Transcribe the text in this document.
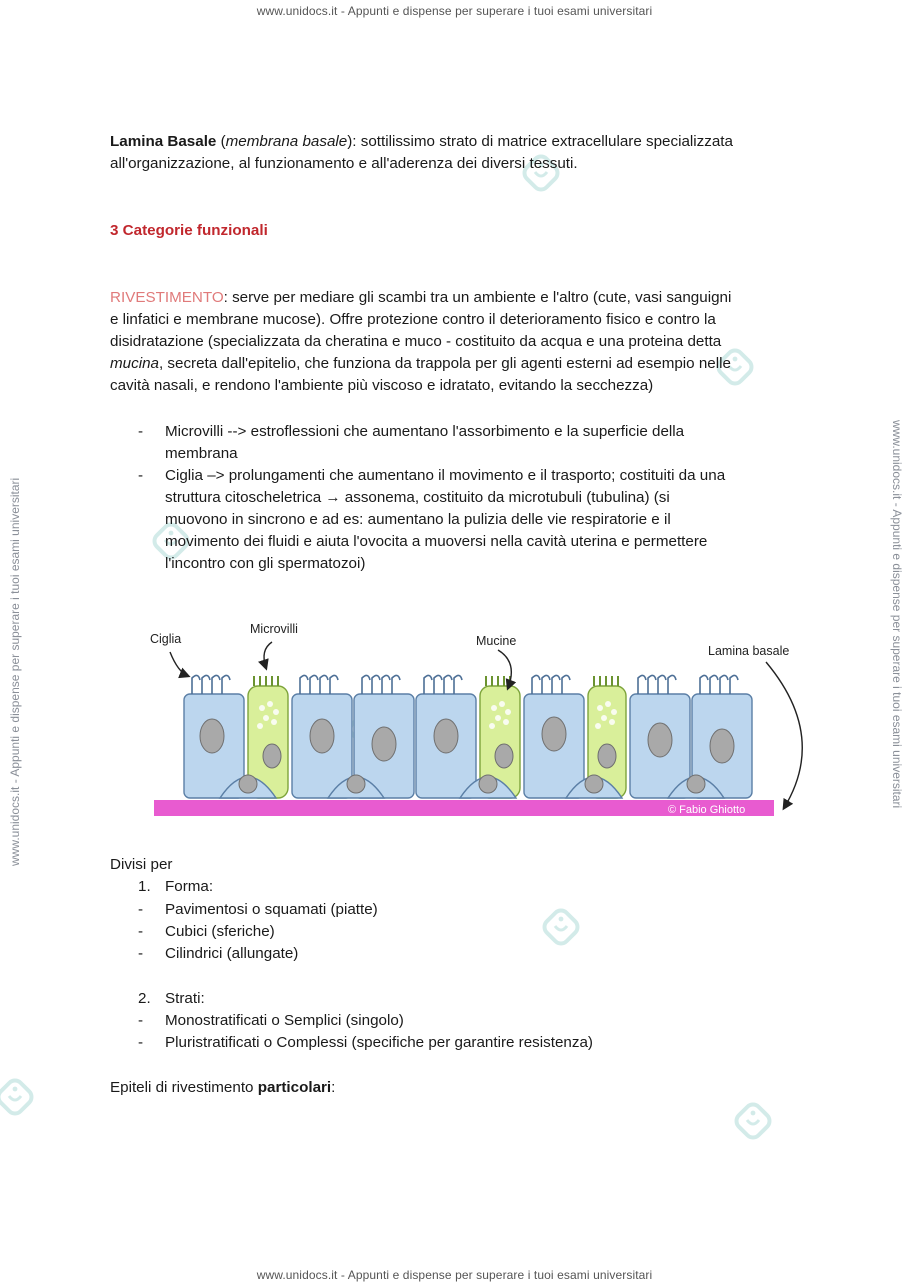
www.unidocs.it - Appunti e dispense per superare i tuoi esami universitari
www.unidocs.it - Appunti e dispense per superare i tuoi esami universitari
www.unidocs.it - Appunti e dispense per superare i tuoi esami universitari	www.unidocs.it - Appunti e dispense per superare i tuoi esami universitari

Lamina Basale (membrana basale): sottilissimo strato di matrice extracellulare specializzata

all'organizzazione, al funzionamento e all'aderenza dei diversi tessuti.

3 Categorie funzionali

RIVESTIMENTO: serve per mediare gli scambi tra un ambiente e l'altro (cute, vasi sanguigni

e linfatici e membrane mucose). Offre protezione contro il deterioramento fisico e contro la

disidratazione (specializzata da cheratina e muco - costituito da acqua e una proteina detta

mucina, secreta dall'epitelio, che funziona da trappola per gli agenti esterni ad esempio nelle

cavità nasali, e rendono l'ambiente più viscoso e idratato, evitando la secchezza)

- Microvilli --> estroflessioni che aumentano l'assorbimento e la superficie della
membrana
- Ciglia –> prolungamenti che aumentano il movimento e il trasporto; costituiti da una
struttura citoscheletrica → assonema, costituito da microtubuli (tubulina) (si
muovono in sincrono e ad es: aumentano la pulizia delle vie respiratorie e il
movimento dei fluidi e aiuta l'ovocita a muoversi nella cavità uterina e permettere
l'incontro con gli spermatozoi)

Divisi per

1. Forma:
- Pavimentosi o squamati (piatte)
- Cubici (sferiche)
- Cilindrici (allungate)
2. Strati:
- Monostratificati o Semplici (singolo)
- Pluristratificati o Complessi (specifiche per garantire resistenza)

Epiteli di rivestimento particolari:

© Fabio Ghiotto
Ciglia
Microvilli
Mucine
Lamina basale
